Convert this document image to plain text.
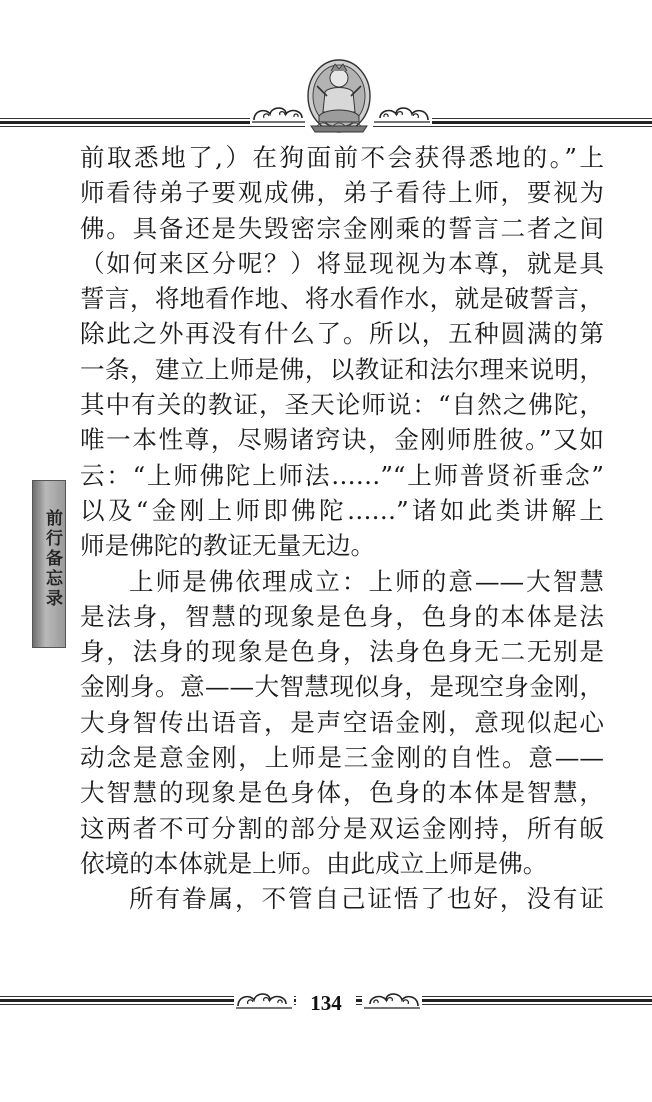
前行备忘录
前取悉地了,）在狗面前不会获得悉地的。”上
师看待弟子要观成佛，弟子看待上师，要视为
佛。具备还是失毁密宗金刚乘的誓言二者之间
（如何来区分呢？）将显现视为本尊，就是具
誓言，将地看作地、将水看作水，就是破誓言，
除此之外再没有什么了。所以，五种圆满的第
一条，建立上师是佛，以教证和法尔理来说明，
其中有关的教证，圣天论师说：“自然之佛陀，
唯一本性尊，尽赐诸窍诀，金刚师胜彼。”又如
云：“上师佛陀上师法……”“上师普贤祈垂念”
以及“金刚上师即佛陀……”诸如此类讲解上
师是佛陀的教证无量无边。
上师是佛依理成立：上师的意——大智慧
是法身，智慧的现象是色身，色身的本体是法
身，法身的现象是色身，法身色身无二无别是
金刚身。意——大智慧现似身，是现空身金刚，
大身智传出语音，是声空语金刚，意现似起心
动念是意金刚，上师是三金刚的自性。意——
大智慧的现象是色身体，色身的本体是智慧，
这两者不可分割的部分是双运金刚持，所有皈
依境的本体就是上师。由此成立上师是佛。
所有眷属，不管自己证悟了也好，没有证
134
